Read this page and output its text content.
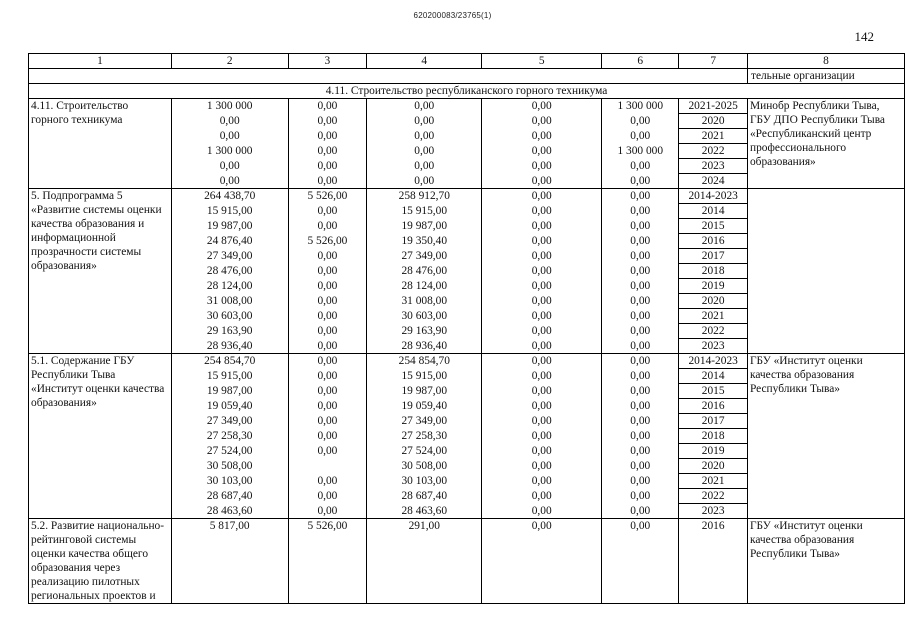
620200083/23765(1)
142
1	2	3	4	5	6	7	8
							тельные организации
4.11. Строительство республиканского горного техникума							
4.11. Строительство горного техникума	1 300 000	0,00	0,00	0,00	1 300 000	2021-2025	Минобр Республики Тыва, ГБУ ДПО Республики Тыва «Республиканский центр профессионального образования»
	0,00	0,00	0,00	0,00	0,00	2020	
	0,00	0,00	0,00	0,00	0,00	2021	
	1 300 000	0,00	0,00	0,00	1 300 000	2022	
	0,00	0,00	0,00	0,00	0,00	2023	
	0,00	0,00	0,00	0,00	0,00	2024	
5. Подпрограмма 5 «Развитие системы оценки качества образования и информационной прозрачности системы образования»	264 438,70	5 526,00	258 912,70	0,00	0,00	2014-2023	
	15 915,00	0,00	15 915,00	0,00	0,00	2014	
	19 987,00	0,00	19 987,00	0,00	0,00	2015	
	24 876,40	5 526,00	19 350,40	0,00	0,00	2016	
	27 349,00	0,00	27 349,00	0,00	0,00	2017	
	28 476,00	0,00	28 476,00	0,00	0,00	2018	
	28 124,00	0,00	28 124,00	0,00	0,00	2019	
	31 008,00	0,00	31 008,00	0,00	0,00	2020	
	30 603,00	0,00	30 603,00	0,00	0,00	2021	
	29 163,90	0,00	29 163,90	0,00	0,00	2022	
	28 936,40	0,00	28 936,40	0,00	0,00	2023	
5.1. Содержание ГБУ Республики Тыва «Институт оценки качества образования»	254 854,70	0,00	254 854,70	0,00	0,00	2014-2023	ГБУ «Институт оценки качества образования Республики Тыва»
	15 915,00	0,00	15 915,00	0,00	0,00	2014	
	19 987,00	0,00	19 987,00	0,00	0,00	2015	
	19 059,40	0,00	19 059,40	0,00	0,00	2016	
	27 349,00	0,00	27 349,00	0,00	0,00	2017	
	27 258,30	0,00	27 258,30	0,00	0,00	2018	
	27 524,00	0,00	27 524,00	0,00	0,00	2019	
	30 508,00		30 508,00	0,00	0,00	2020	
	30 103,00	0,00	30 103,00	0,00	0,00	2021	
	28 687,40	0,00	28 687,40	0,00	0,00	2022	
	28 463,60	0,00	28 463,60	0,00	0,00	2023	
5.2. Развитие национально-рейтинговой системы оценки качества общего образования через реализацию пилотных региональных проектов и	5 817,00	5 526,00	291,00	0,00	0,00	2016	ГБУ «Институт оценки качества образования Республики Тыва»
